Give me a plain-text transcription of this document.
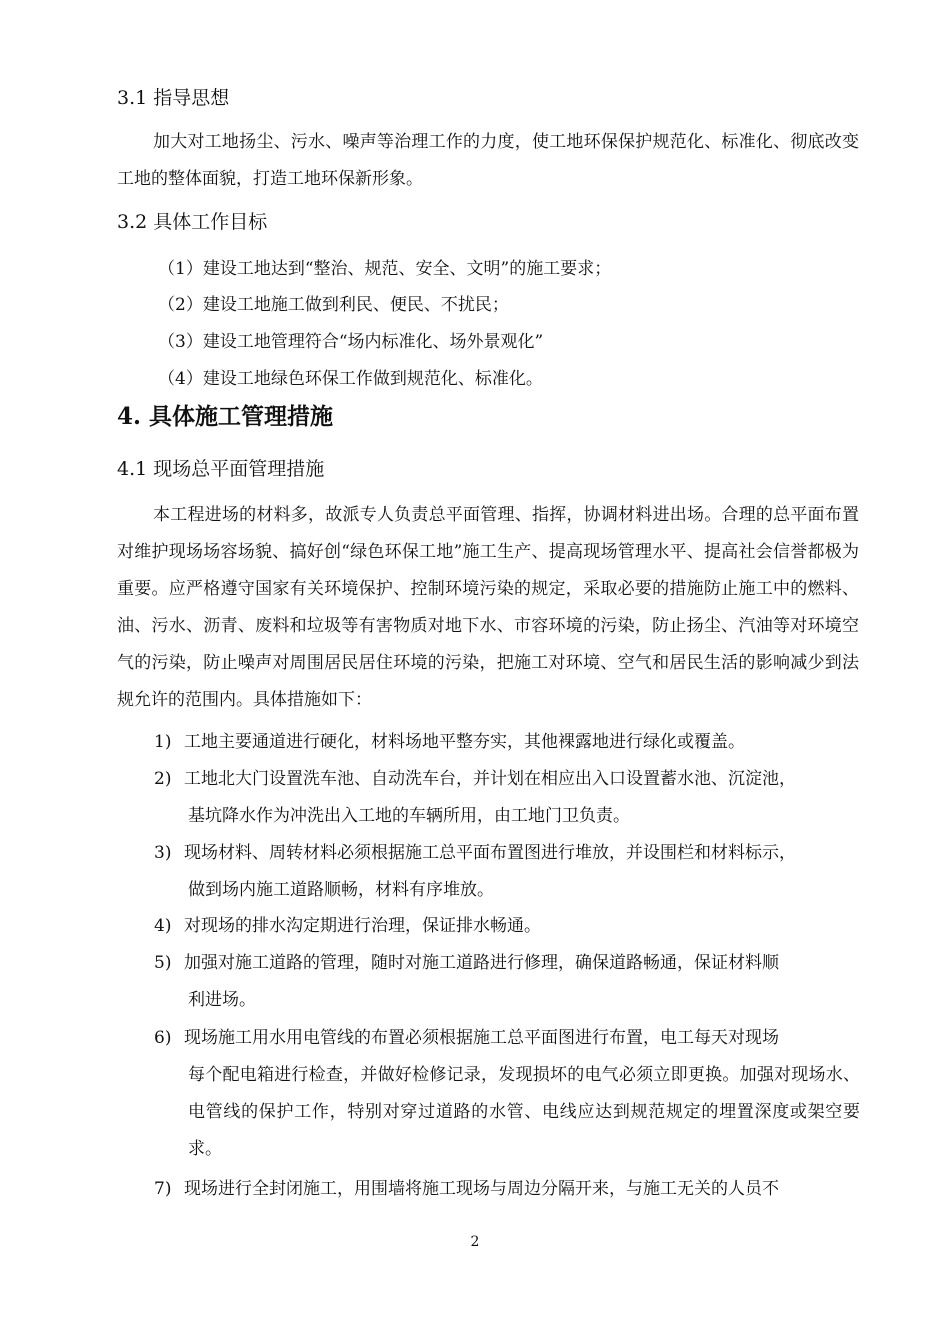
3.1 指导思想

加大对工地扬尘、污水、噪声等治理工作的力度，使工地环保保护规范化、标准化、彻底改变工地的整体面貌，打造工地环保新形象。

3.2 具体工作目标
（1）建设工地达到“整治、规范、安全、文明”的施工要求；
（2）建设工地施工做到利民、便民、不扰民；
（3）建设工地管理符合“场内标准化、场外景观化”
（4）建设工地绿色环保工作做到规范化、标准化。
4. 具体施工管理措施
4.1 现场总平面管理措施

本工程进场的材料多，故派专人负责总平面管理、指挥，协调材料进出场。合理的总平面布置对维护现场场容场貌、搞好创“绿色环保工地”施工生产、提高现场管理水平、提高社会信誉都极为重要。应严格遵守国家有关环境保护、控制环境污染的规定，采取必要的措施防止施工中的燃料、油、污水、沥青、废料和垃圾等有害物质对地下水、市容环境的污染，防止扬尘、汽油等对环境空气的污染，防止噪声对周围居民居住环境的污染，把施工对环境、空气和居民生活的影响减少到法规允许的范围内。具体措施如下：

1) 工地主要通道进行硬化，材料场地平整夯实，其他裸露地进行绿化或覆盖。
2) 工地北大门设置洗车池、自动洗车台，并计划在相应出入口设置蓄水池、沉淀池，
基坑降水作为冲洗出入工地的车辆所用，由工地门卫负责。
3) 现场材料、周转材料必须根据施工总平面布置图进行堆放，并设围栏和材料标示，
做到场内施工道路顺畅，材料有序堆放。
4) 对现场的排水沟定期进行治理，保证排水畅通。
5) 加强对施工道路的管理，随时对施工道路进行修理，确保道路畅通，保证材料顺
利进场。
6) 现场施工用水用电管线的布置必须根据施工总平面图进行布置，电工每天对现场
每个配电箱进行检查，并做好检修记录，发现损坏的电气必须立即更换。加强对现场水、电管线的保护工作，特别对穿过道路的水管、电线应达到规范规定的埋置深度或架空要求。
7) 现场进行全封闭施工，用围墙将施工现场与周边分隔开来，与施工无关的人员不
2
